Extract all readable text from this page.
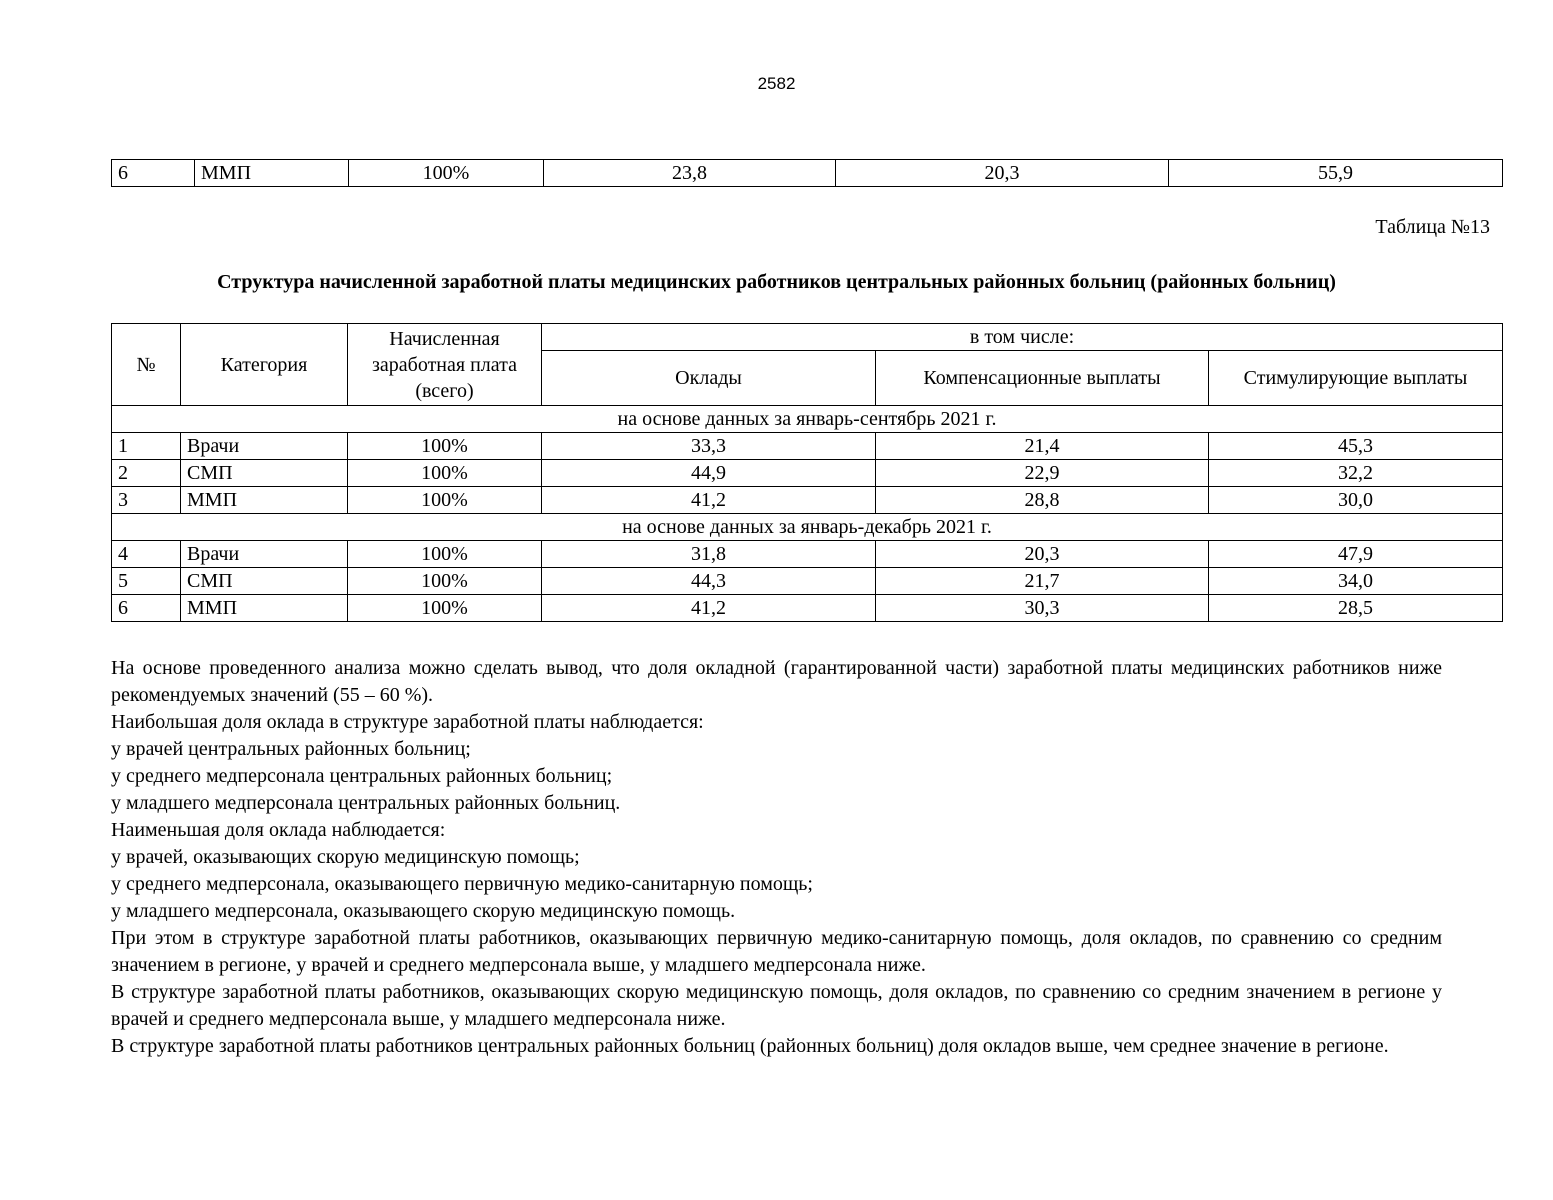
2582
6	ММП	100%	23,8	20,3	55,9
Таблица №13
Структура начисленной заработной платы медицинских работников центральных районных больниц (районных больниц)
№	Категория	Начисленная заработная плата (всего)	в том числе:		
			Оклады	Компенсационные выплаты	Стимулирующие выплаты
на основе данных за январь-сентябрь 2021 г.					
1	Врачи	100%	33,3	21,4	45,3
2	СМП	100%	44,9	22,9	32,2
3	ММП	100%	41,2	28,8	30,0
на основе данных за январь-декабрь 2021 г.					
4	Врачи	100%	31,8	20,3	47,9
5	СМП	100%	44,3	21,7	34,0
6	ММП	100%	41,2	30,3	28,5

На основе проведенного анализа можно сделать вывод, что доля окладной (гарантированной части) заработной платы медицинских работников ниже рекомендуемых значений (55 – 60 %).

Наибольшая доля оклада в структуре заработной платы наблюдается:

у врачей центральных районных больниц;

у среднего медперсонала центральных районных больниц;

у младшего медперсонала центральных районных больниц.

Наименьшая доля оклада наблюдается:

у врачей, оказывающих скорую медицинскую помощь;

у среднего медперсонала, оказывающего первичную медико-санитарную помощь;

у младшего медперсонала, оказывающего скорую медицинскую помощь.

При этом в структуре заработной платы работников, оказывающих первичную медико-санитарную помощь, доля окладов, по сравнению со средним значением в регионе, у врачей и среднего медперсонала выше, у младшего медперсонала ниже.

В структуре заработной платы работников, оказывающих скорую медицинскую помощь, доля окладов, по сравнению со средним значением в регионе у врачей и среднего медперсонала выше, у младшего медперсонала ниже.

В структуре заработной платы работников центральных районных больниц (районных больниц) доля окладов выше, чем среднее значение в регионе.
